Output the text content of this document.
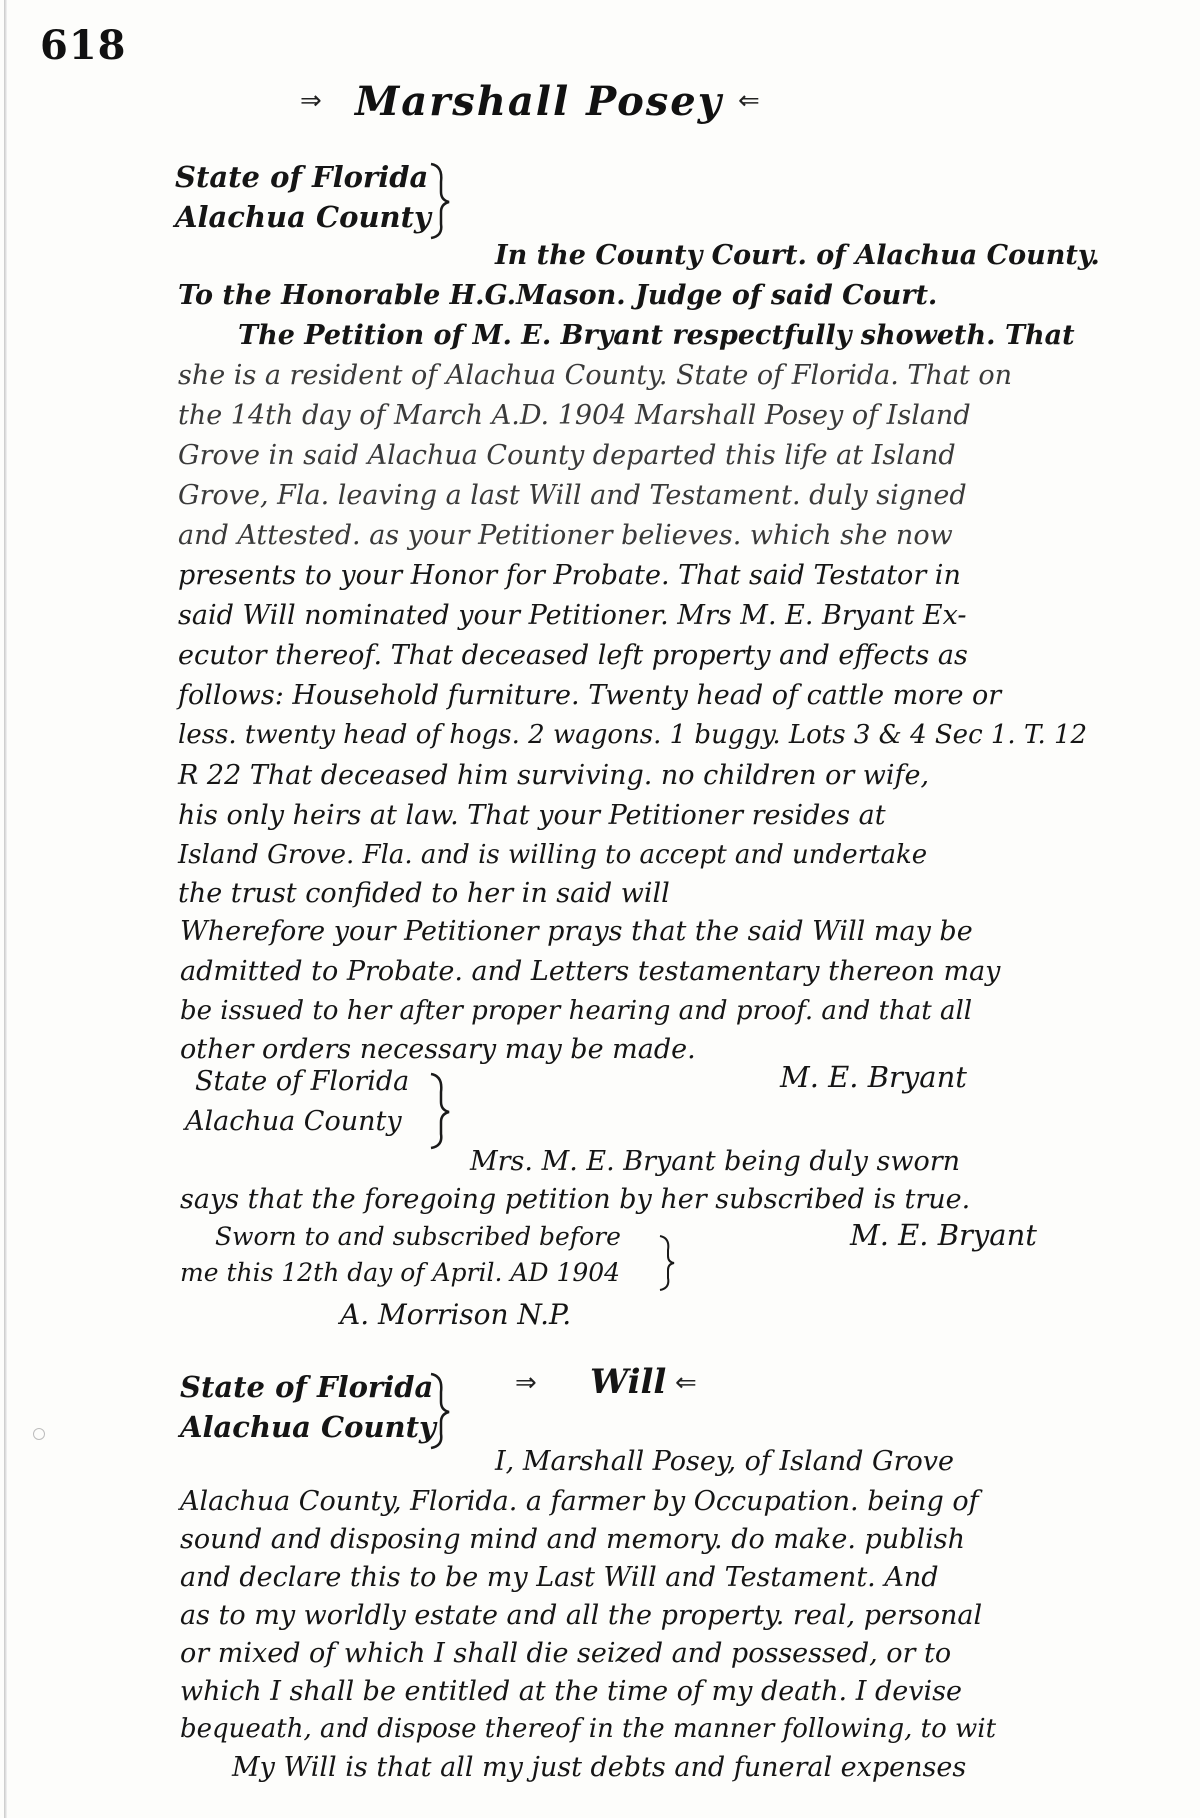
618
⇒ Marshall Posey ⇐
State of Florida
Alachua County
In the County Court. of Alachua County.
To the Honorable H.G.Mason. Judge of said Court.
The Petition of M. E. Bryant respectfully showeth. That
she is a resident of Alachua County. State of Florida. That on
the 14th day of March A.D. 1904 Marshall Posey of Island
Grove in said Alachua County departed this life at Island
Grove, Fla. leaving a last Will and Testament. duly signed
and Attested. as your Petitioner believes. which she now
presents to your Honor for Probate. That said Testator in
said Will nominated your Petitioner. Mrs M. E. Bryant Ex-
ecutor thereof. That deceased left property and effects as
follows: Household furniture. Twenty head of cattle more or
less. twenty head of hogs. 2 wagons. 1 buggy. Lots 3 & 4 Sec 1. T. 12
R 22 That deceased him surviving. no children or wife,
his only heirs at law. That your Petitioner resides at
Island Grove. Fla. and is willing to accept and undertake
the trust confided to her in said will
Wherefore your Petitioner prays that the said Will may be
admitted to Probate. and Letters testamentary thereon may
be issued to her after proper hearing and proof. and that all
other orders necessary may be made.
M. E. Bryant
State of Florida
Alachua County
Mrs. M. E. Bryant being duly sworn
says that the foregoing petition by her subscribed is true.
Sworn to and subscribed before
me this 12th day of April. AD 1904
M. E. Bryant
A. Morrison N.P.
State of Florida
Alachua County
⇒ Will ⇐
I, Marshall Posey, of Island Grove
Alachua County, Florida. a farmer by Occupation. being of
sound and disposing mind and memory. do make. publish
and declare this to be my Last Will and Testament. And
as to my worldly estate and all the property. real, personal
or mixed of which I shall die seized and possessed, or to
which I shall be entitled at the time of my death. I devise
bequeath, and dispose thereof in the manner following, to wit
My Will is that all my just debts and funeral expenses
